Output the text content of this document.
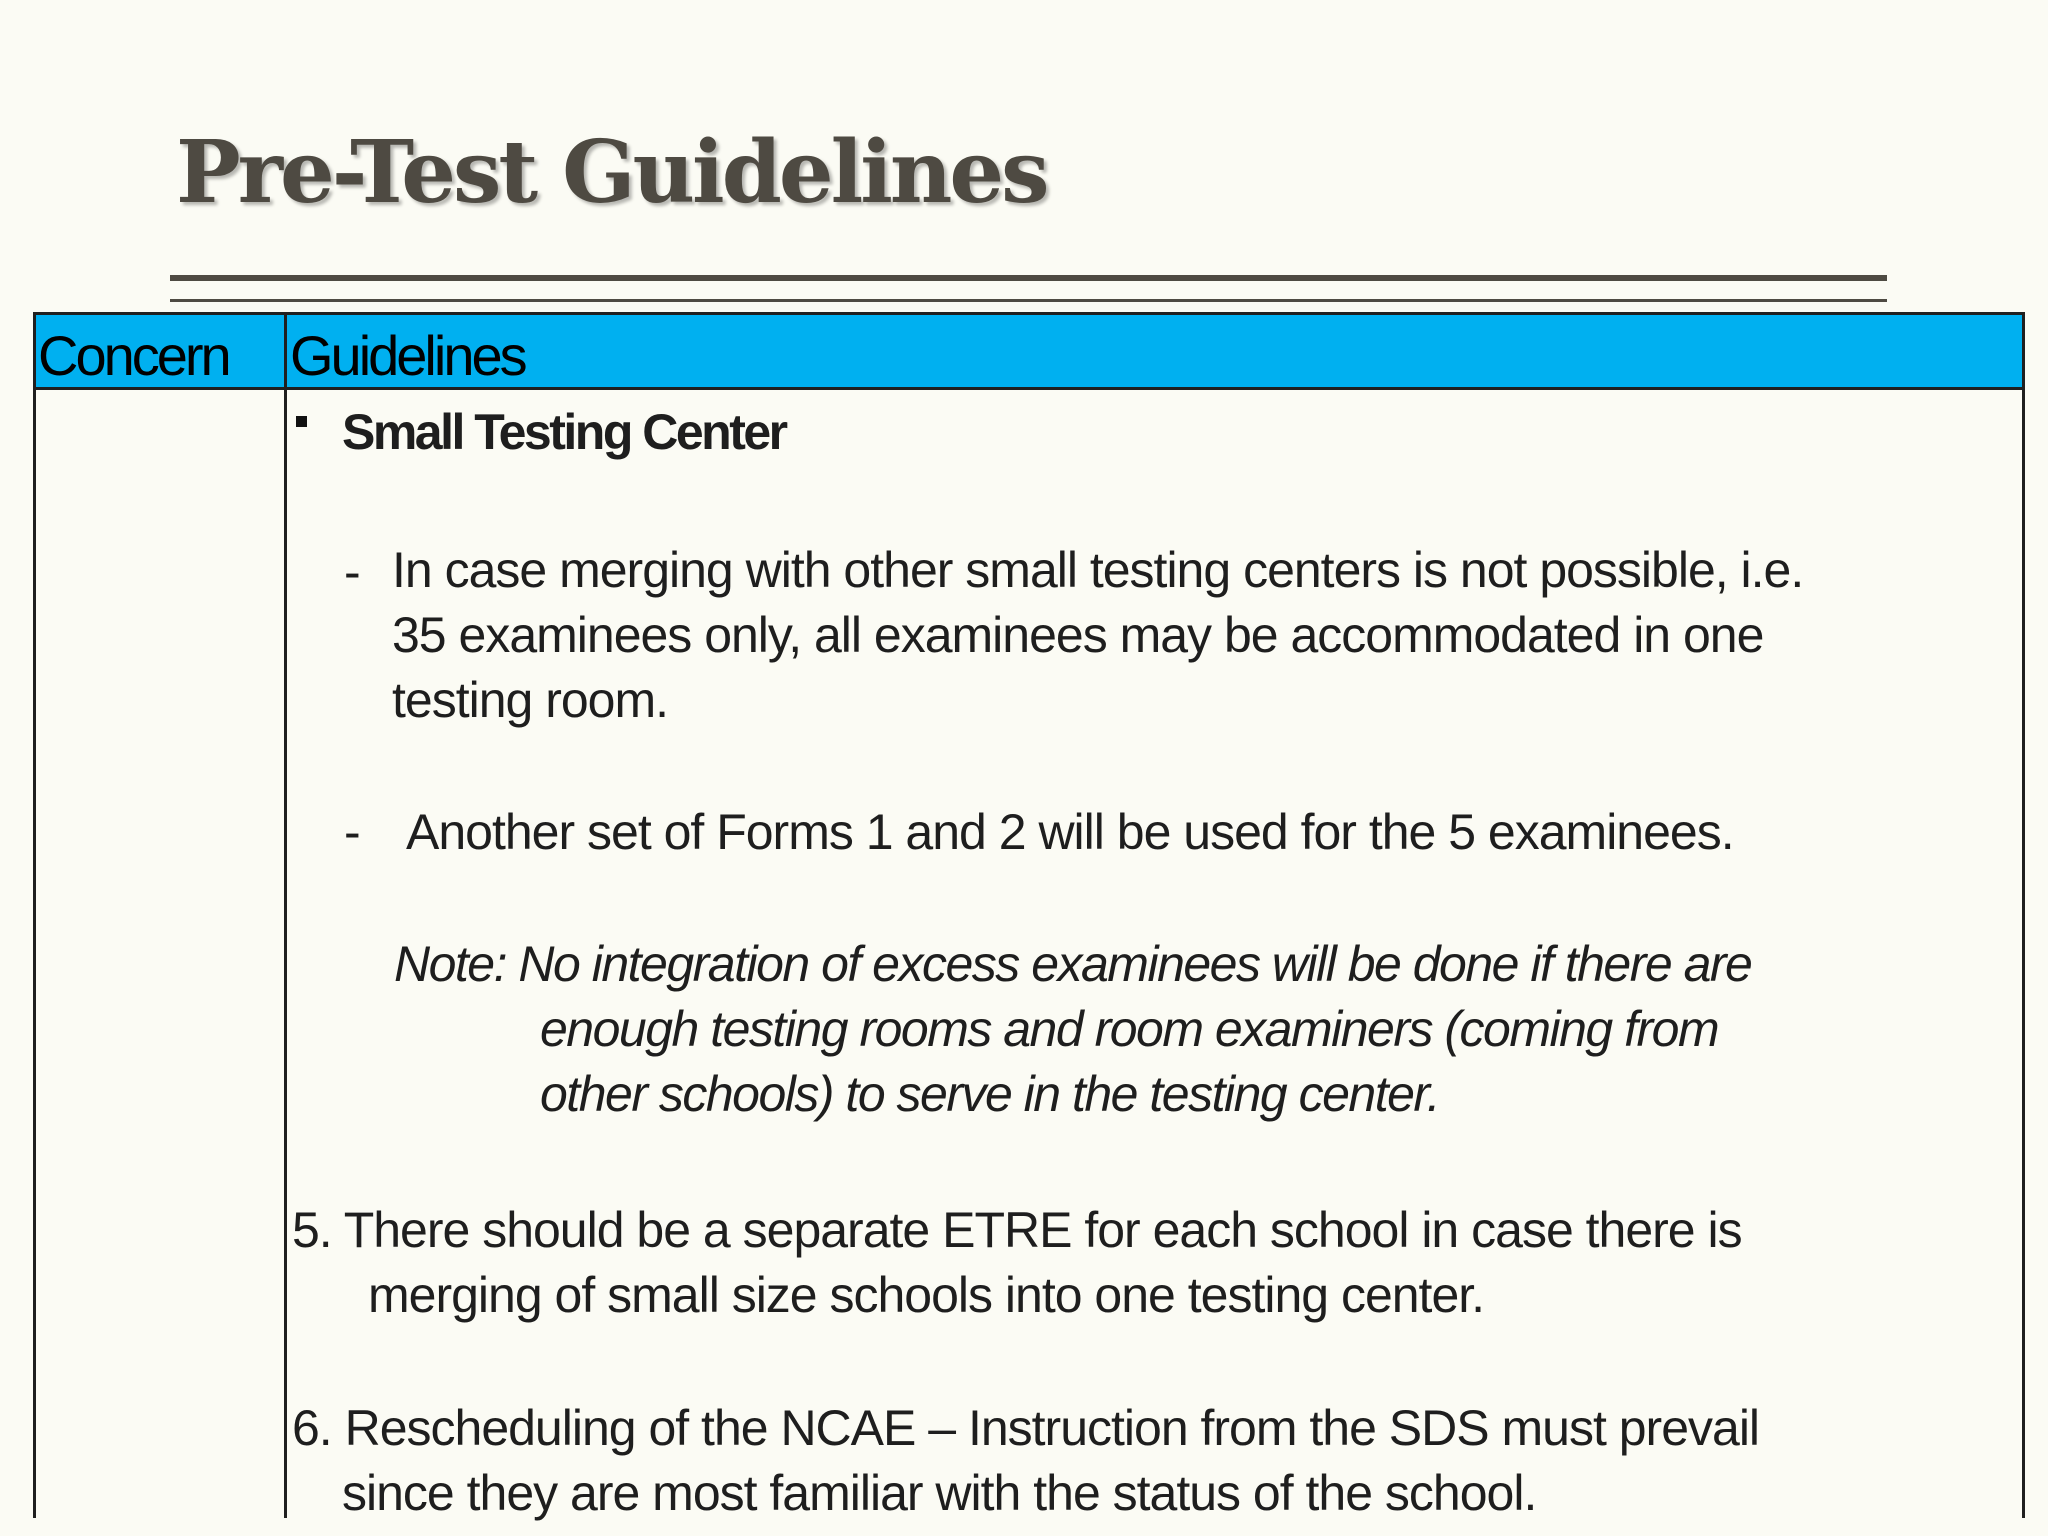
Pre-Test Guidelines
Concern Guidelines
Small Testing Center
- In case merging with other small testing centers is not possible, i.e.
35 examinees only, all examinees may be accommodated in one
testing room.
- Another set of Forms 1 and 2 will be used for the 5 examinees.
Note: No integration of excess examinees will be done if there are
enough testing rooms and room examiners (coming from
other schools) to serve in the testing center.
5. There should be a separate ETRE for each school in case there is
merging of small size schools into one testing center.
6. Rescheduling of the NCAE – Instruction from the SDS must prevail
since they are most familiar with the status of the school.
